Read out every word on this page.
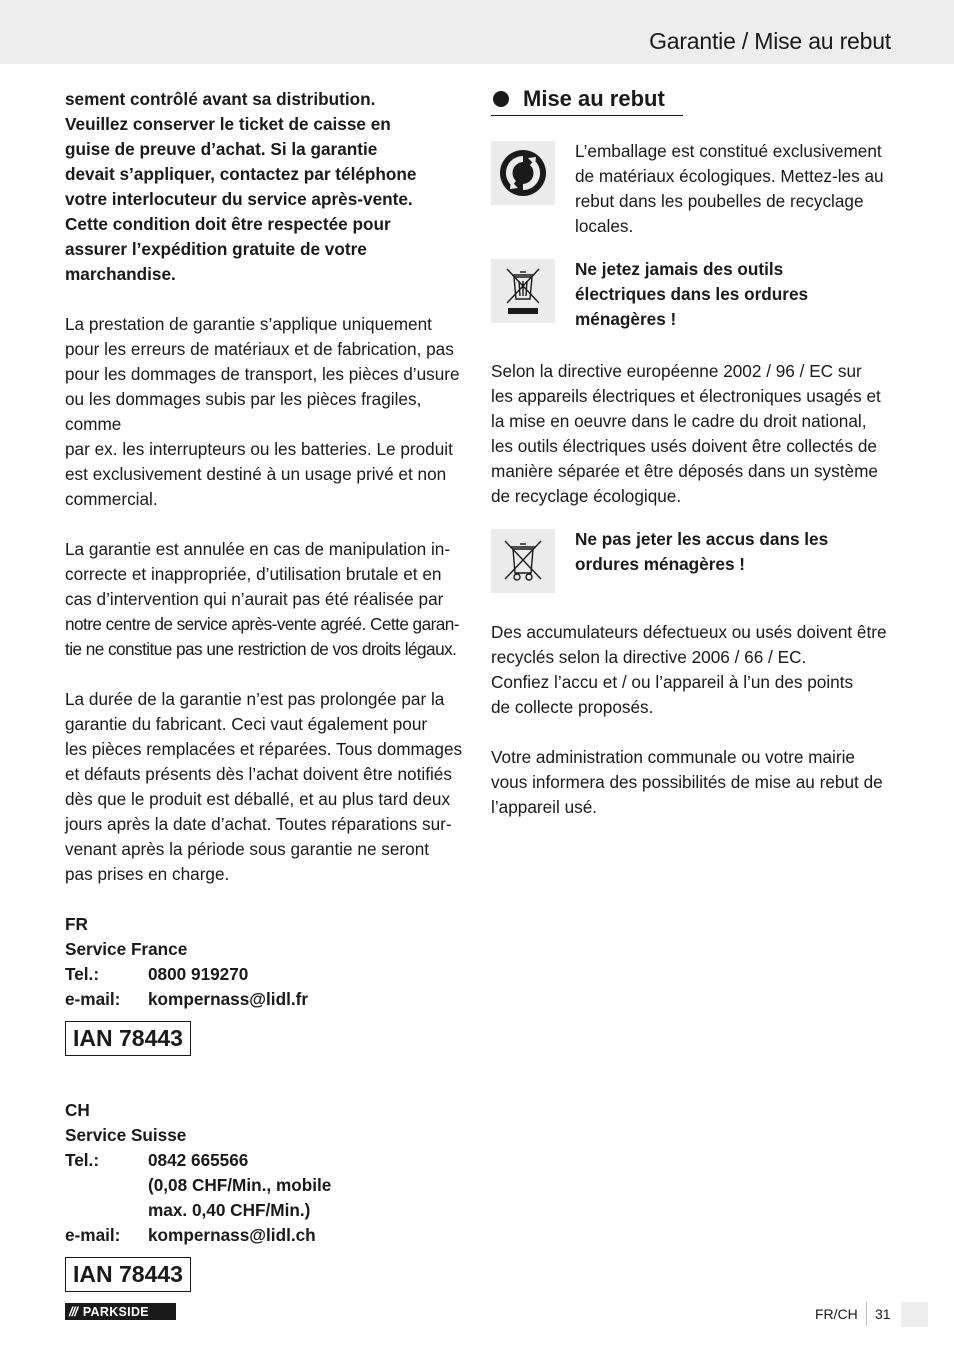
Garantie / Mise au rebut

sement contrôlé avant sa distribution.

Veuillez conserver le ticket de caisse en

guise de preuve d’achat. Si la garantie

devait s’appliquer, contactez par téléphone

votre interlocuteur du service après-vente.

Cette condition doit être respectée pour

assurer l’expédition gratuite de votre

marchandise.

La prestation de garantie s’applique uniquement

pour les erreurs de matériaux et de fabrication, pas

pour les dommages de transport, les pièces d’usure

ou les dommages subis par les pièces fragiles, comme

par ex. les interrupteurs ou les batteries. Le produit

est exclusivement destiné à un usage privé et non

commercial.

La garantie est annulée en cas de manipulation in-

correcte et inappropriée, d’utilisation brutale et en

cas d’intervention qui n’aurait pas été réalisée par

notre centre de service après-vente agréé. Cette garan-

tie ne constitue pas une restriction de vos droits légaux.

La durée de la garantie n’est pas prolongée par la

garantie du fabricant. Ceci vaut également pour

les pièces remplacées et réparées. Tous dommages

et défauts présents dès l’achat doivent être notifiés

dès que le produit est déballé, et au plus tard deux

jours après la date d’achat. Toutes réparations sur-

venant après la période sous garantie ne seront

pas prises en charge.

FR
Service France
Tel.:	0800 919270
e-mail:	kompernass@lidl.fr
IAN 78443
CH
Service Suisse
Tel.:	0842 665566
(0,08 CHF/Min., mobile
max. 0,40 CHF/Min.)
e-mail:	kompernass@lidl.ch
IAN 78443
Mise au rebut

L’emballage est constitué exclusivement

de matériaux écologiques. Mettez-les au

rebut dans les poubelles de recyclage

locales.

Ne jetez jamais des outils

électriques dans les ordures

ménagères !

Selon la directive européenne 2002 / 96 / EC sur

les appareils électriques et électroniques usagés et

la mise en oeuvre dans le cadre du droit national,

les outils électriques usés doivent être collectés de

manière séparée et être déposés dans un système

de recyclage écologique.

Ne pas jeter les accus dans les

ordures ménagères !

Des accumulateurs défectueux ou usés doivent être

recyclés selon la directive 2006 / 66 / EC.

Confiez l’accu et / ou l’appareil à l’un des points

de collecte proposés.

Votre administration communale ou votre mairie

vous informera des possibilités de mise au rebut de

l’appareil usé.

/// PARKSIDE	FR/CH 31
